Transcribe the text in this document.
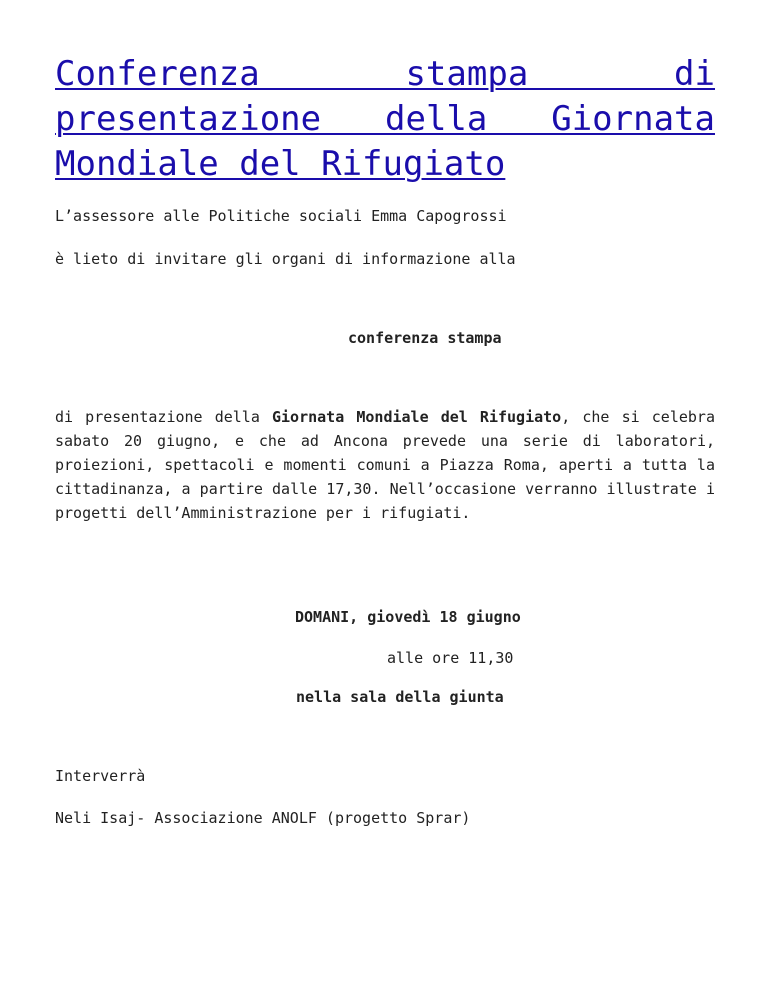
Conferenza stampa di presentazione della Giornata Mondiale del Rifugiato

L’assessore alle Politiche sociali Emma Capogrossi

è lieto di invitare gli organi di informazione alla

conferenza stampa
di presentazione della Giornata Mondiale del Rifugiato, che si celebra sabato 20 giugno, e che ad Ancona prevede una serie di laboratori, proiezioni, spettacoli e momenti comuni a Piazza Roma, aperti a tutta la cittadinanza, a partire dalle 17,30. Nell’occasione verranno illustrate i progetti dell’Amministrazione per i rifugiati.
DOMANI, giovedì 18 giugno
alle ore 11,30
nella sala della giunta

Interverrà

Neli Isaj- Associazione ANOLF (progetto Sprar)
